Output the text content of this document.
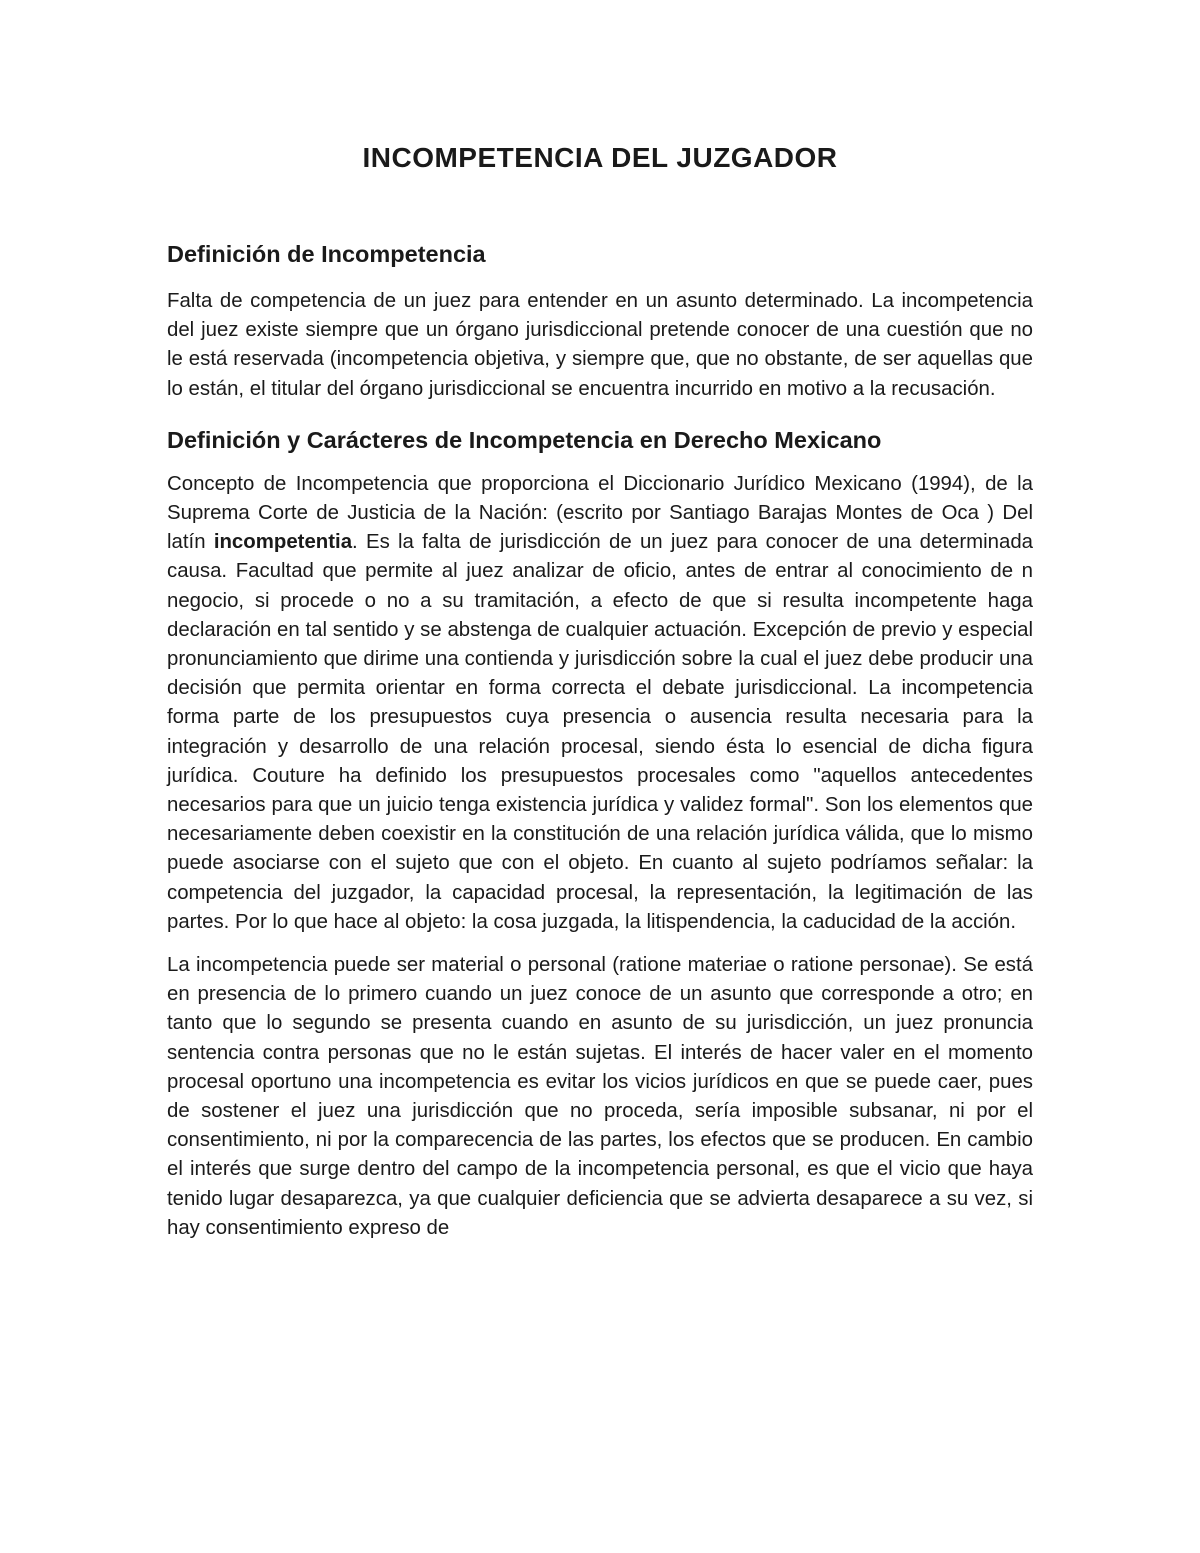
INCOMPETENCIA DEL JUZGADOR
Definición de Incompetencia

Falta de competencia de un juez para entender en un asunto determinado. La incompetencia del juez existe siempre que un órgano jurisdiccional pretende conocer de una cuestión que no le está reservada (incompetencia objetiva, y siempre que, que no obstante, de ser aquellas que lo están, el titular del órgano jurisdiccional se encuentra incurrido en motivo a la recusación.

Definición y Carácteres de Incompetencia en Derecho Mexicano

Concepto de Incompetencia que proporciona el Diccionario Jurídico Mexicano (1994), de la Suprema Corte de Justicia de la Nación: (escrito por Santiago Barajas Montes de Oca ) Del latín incompetentia. Es la falta de jurisdicción de un juez para conocer de una determinada causa. Facultad que permite al juez analizar de oficio, antes de entrar al conocimiento de n negocio, si procede o no a su tramitación, a efecto de que si resulta incompetente haga declaración en tal sentido y se abstenga de cualquier actuación. Excepción de previo y especial pronunciamiento que dirime una contienda y jurisdicción sobre la cual el juez debe producir una decisión que permita orientar en forma correcta el debate jurisdiccional. La incompetencia forma parte de los presupuestos cuya presencia o ausencia resulta necesaria para la integración y desarrollo de una relación procesal, siendo ésta lo esencial de dicha figura jurídica. Couture ha definido los presupuestos procesales como "aquellos antecedentes necesarios para que un juicio tenga existencia jurídica y validez formal". Son los elementos que necesariamente deben coexistir en la constitución de una relación jurídica válida, que lo mismo puede asociarse con el sujeto que con el objeto. En cuanto al sujeto podríamos señalar: la competencia del juzgador, la capacidad procesal, la representación, la legitimación de las partes. Por lo que hace al objeto: la cosa juzgada, la litispendencia, la caducidad de la acción.

La incompetencia puede ser material o personal (ratione materiae o ratione personae). Se está en presencia de lo primero cuando un juez conoce de un asunto que corresponde a otro; en tanto que lo segundo se presenta cuando en asunto de su jurisdicción, un juez pronuncia sentencia contra personas que no le están sujetas. El interés de hacer valer en el momento procesal oportuno una incompetencia es evitar los vicios jurídicos en que se puede caer, pues de sostener el juez una jurisdicción que no proceda, sería imposible subsanar, ni por el consentimiento, ni por la comparecencia de las partes, los efectos que se producen. En cambio el interés que surge dentro del campo de la incompetencia personal, es que el vicio que haya tenido lugar desaparezca, ya que cualquier deficiencia que se advierta desaparece a su vez, si hay consentimiento expreso de
